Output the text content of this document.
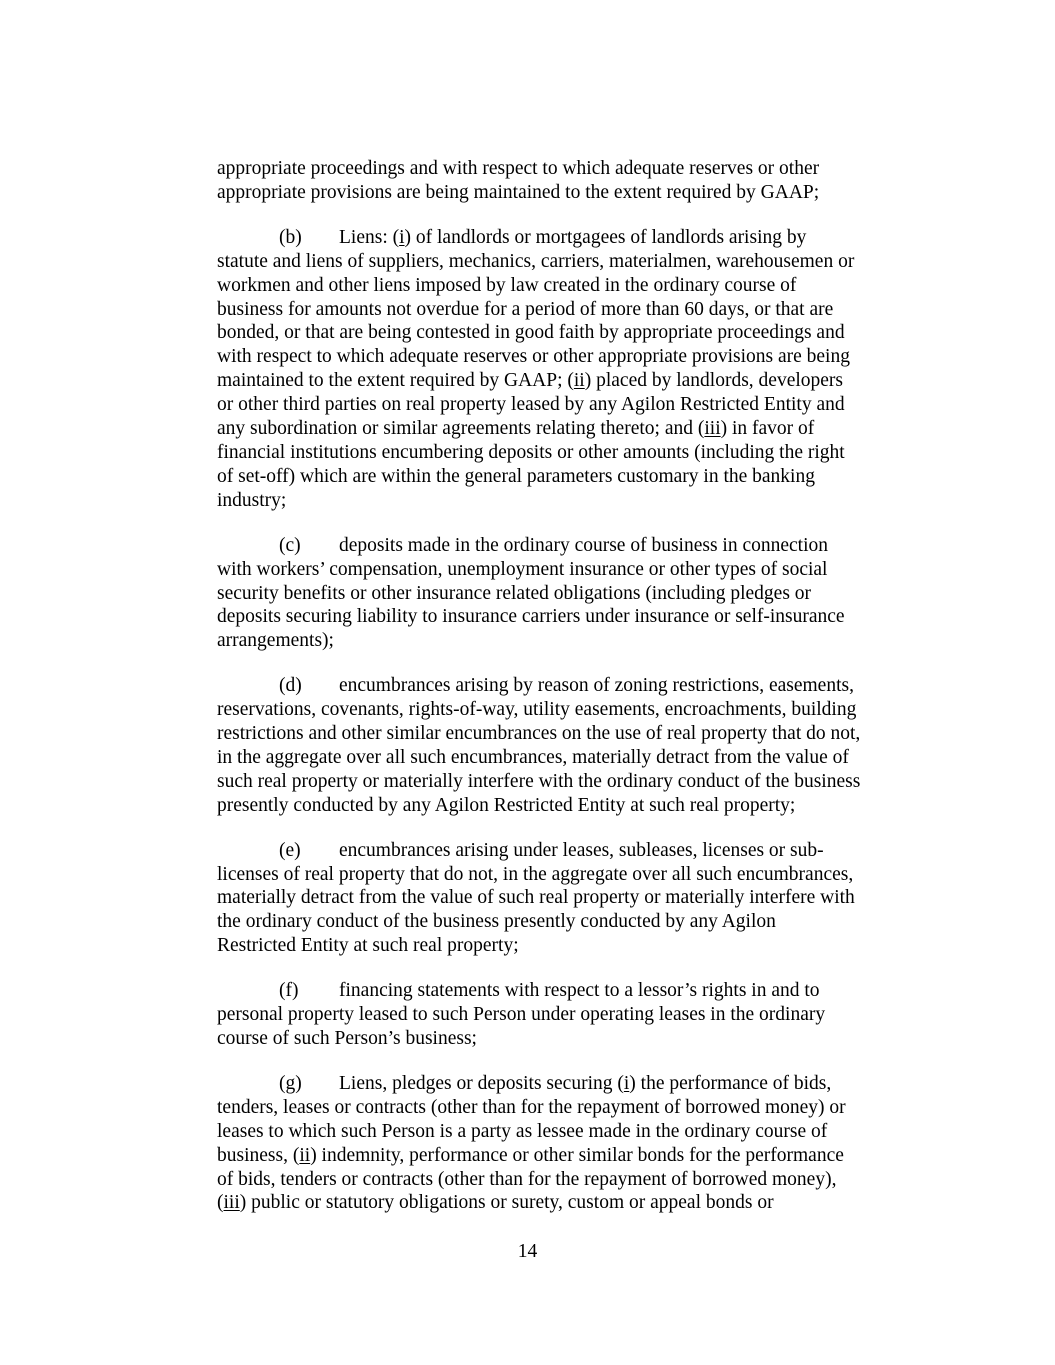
appropriate proceedings and with respect to which adequate reserves or other
appropriate provisions are being maintained to the extent required by GAAP;

(b) Liens: (i) of landlords or mortgagees of landlords arising by
statute and liens of suppliers, mechanics, carriers, materialmen, warehousemen or
workmen and other liens imposed by law created in the ordinary course of
business for amounts not overdue for a period of more than 60 days, or that are
bonded, or that are being contested in good faith by appropriate proceedings and
with respect to which adequate reserves or other appropriate provisions are being
maintained to the extent required by GAAP; (ii) placed by landlords, developers
or other third parties on real property leased by any Agilon Restricted Entity and
any subordination or similar agreements relating thereto; and (iii) in favor of
financial institutions encumbering deposits or other amounts (including the right
of set-off) which are within the general parameters customary in the banking
industry;

(c) deposits made in the ordinary course of business in connection
with workers’ compensation, unemployment insurance or other types of social
security benefits or other insurance related obligations (including pledges or
deposits securing liability to insurance carriers under insurance or self-insurance
arrangements);

(d) encumbrances arising by reason of zoning restrictions, easements,
reservations, covenants, rights-of-way, utility easements, encroachments, building
restrictions and other similar encumbrances on the use of real property that do not,
in the aggregate over all such encumbrances, materially detract from the value of
such real property or materially interfere with the ordinary conduct of the business
presently conducted by any Agilon Restricted Entity at such real property;

(e) encumbrances arising under leases, subleases, licenses or sub-
licenses of real property that do not, in the aggregate over all such encumbrances,
materially detract from the value of such real property or materially interfere with
the ordinary conduct of the business presently conducted by any Agilon
Restricted Entity at such real property;

(f) financing statements with respect to a lessor’s rights in and to
personal property leased to such Person under operating leases in the ordinary
course of such Person’s business;

(g) Liens, pledges or deposits securing (i) the performance of bids,
tenders, leases or contracts (other than for the repayment of borrowed money) or
leases to which such Person is a party as lessee made in the ordinary course of
business, (ii) indemnity, performance or other similar bonds for the performance
of bids, tenders or contracts (other than for the repayment of borrowed money),
(iii) public or statutory obligations or surety, custom or appeal bonds or

14
